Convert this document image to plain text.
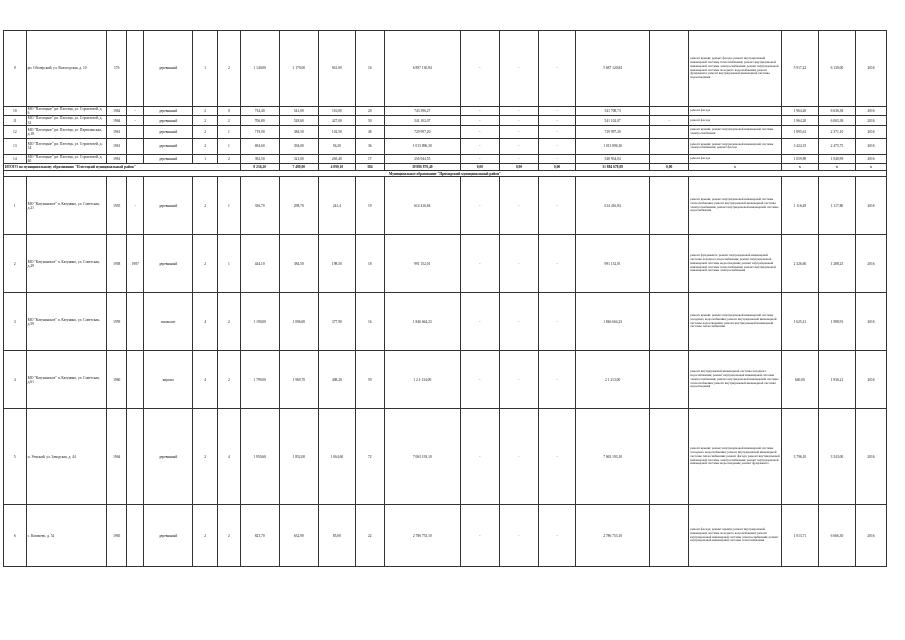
9	рп. Обозерский, ул. Вологодская, д. 10	176		деревянный	1	2	1 140,00	1 170,00	941,00	16	6 897 130,84	-	-	-	5 687 120,84		ремонт крыши; ремонт фасада; ремонт внутридомовой инженерной системы теплоснабжения; ремонт внутридомовой инженерной системы электроснабжения; ремонт внутридомовой инженерной системы холодного водоснабжения; ремонт фундамента; ремонт внутридомовой инженерной системы водоотведения	5 917,22	6 130,00	2016
10	МО "Плесецкое" рп. Плесецк, ул. Строителей, д. 6	1962	-	деревянный	2	0	734,40	541,00	116,00	20	743 396,27	-	-	-	541 708,73		ремонт фасада	1 964,20	6 636,38	2016
11	МО "Плесецкое" рп. Плесецк, ул. Строителей, д. 32	1964	-	деревянный	2	2	706,80	528,60	427,00	50	541 102,07	-	-	-	541 102,07	-	ремонт фасада	1 964,20	6 065,38	2016
12	МО "Плесецкое" рп. Плесецк, ул. Партизанская, д.18	1961		деревянный	2	1	719,00	384,50	102,50	48	729 997,20	-	-	-	729 997,20		ремонт крыши; ремонт внутридомовой инженерной системы электроснабжения	1 895,61	2 371,10	2016
13	МО "Плесецкое" рп. Плесецк, ул. Строителей, д. 34	1961		деревянный	2	1	694,60	394,00	56,20	36	1 013 896,30	-	-	-	1 013 896,30		ремонт крыши; ремонт внутридомовой инженерной системы электроснабжения; ремонт фасада	3 424,15	2 475,75	2016
14	МО "Плесецкое" рп. Плесецк, ул. Строителей, д. 40	1961		деревянный	1	2	392,50	321,00	265,40	17	256 944,55	-	-	-	548 934,04		ремонт фасада	1 059,89	1 040,99	2016
ИТОГО по муниципальному образованию "Плесецкий муниципальный район"							8 236,20	7 490,00	4 090,10	384	39 886 870,40	0,00	0,00	0,00	31 884 678,08	0,00	х	х	х	х
Муниципальное образование "Приморский муниципальный район"																				
1	МО "Катунинское" п. Катунино, ул. Советская, д.21	1955	-	деревянный	2	1	356,70	298,70	241,4	19	614 416,84	-	-	-	614 416,84		ремонт крыши; ремонт внутридомовой инженерной системы теплоснабжения; ремонт внутридомовой инженерной системы электроснабжения; ремонт внутридомовой инженерной системы водоснабжения	1 116,28	1 117,80	2016
2	МО "Катунинское" п. Катунино, ул. Советская, д.29	1958	1987	деревянный	2	1	444,10	384,50	198,50	18	991 152,01	-	-	-	991 152,01		ремонт фундамента; ремонт внутридомовой инженерной системы холодного водоснабжения; ремонт внутридомовой инженерной системы водоотведения; ремонт внутридомовой инженерной системы теплоснабжения; ремонт внутридомовой инженерной системы электроснабжения	2 326,60	1 288,25	2016
3	МО "Катунинское" п. Катунино, ул. Советская, д.59	1959		шлаколит	4	2	1 190,00	1 096,00	377,90	16	1 846 664,23	-	-	-	1 846 664,23		ремонт крыши; ремонт внутридомовой инженерной системы холодного водоснабжения; ремонт внутридомовой инженерной системы водоотведения; ремонт внутридомовой инженерной системы теплоснабжения	1 625,41	1 988,91	2016
4	МО "Катунинское" п. Катунино, ул. Советская, д.61	1960		кирпич	4	2	1 799,00	1 969,70	408,20	59	1 2 4 134,00	-	-	-	2 1 213,00		ремонт внутридомовой инженерной системы холодного водоснабжения; ремонт внутридомовой инженерной системы электроснабжения; ремонт внутридомовой инженерной системы теплоснабжения; ремонт внутридомовой инженерной системы водоотведения	640,00	1 936,21	2016
5	п. Уемский, ул. Заводская, д. 44	1964		деревянный	2	4	1 950,60	1 852,00	1 064,60	72	7 063 193,10	-	-	-	7 063 193,10		ремонт крыши; ремонт внутридомовой инженерной системы холодного водоснабжения; ремонт внутридомовой инженерной системы теплоснабжения; ремонт фасада; ремонт внутридомовой инженерной системы электроснабжения; ремонт внутридомовой инженерной системы водоотведения; ремонт фундамента	3 796,10	3 543,00	2016
6	с. Копачево, д. 52	1965		деревянный	2	2	823,70	632,90	85,00	22	2 786 753,10	-	-	-	2 786 753,10		ремонт фасада; ремонт крыши; ремонт внутридомовой инженерной системы холодного водоснабжения; ремонт внутридомовой инженерной системы электроснабжения; ремонт внутридомовой инженерной системы теплоснабжения	1 013,71	6 666,30	2016
